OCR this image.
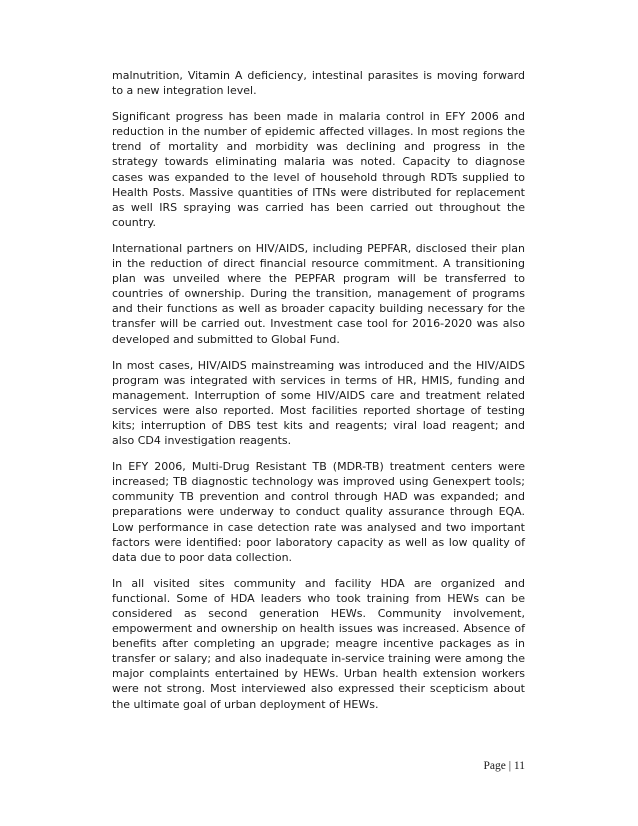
malnutrition, Vitamin A deficiency, intestinal parasites is moving forward to a new integration level.

Significant progress has been made in malaria control in EFY 2006 and reduction in the number of epidemic affected villages. In most regions the trend of mortality and morbidity was declining and progress in the strategy towards eliminating malaria was noted. Capacity to diagnose cases was expanded to the level of household through RDTs supplied to Health Posts. Massive quantities of ITNs were distributed for replacement as well IRS spraying was carried has been carried out throughout the country.

International partners on HIV/AIDS, including PEPFAR, disclosed their plan in the reduction of direct financial resource commitment. A transitioning plan was unveiled where the PEPFAR program will be transferred to countries of ownership. During the transition, management of programs and their functions as well as broader capacity building necessary for the transfer will be carried out. Investment case tool for 2016-2020 was also developed and submitted to Global Fund.

In most cases, HIV/AIDS mainstreaming was introduced and the HIV/AIDS program was integrated with services in terms of HR, HMIS, funding and management. Interruption of some HIV/AIDS care and treatment related services were also reported. Most facilities reported shortage of testing kits; interruption of DBS test kits and reagents; viral load reagent; and also CD4 investigation reagents.

In EFY 2006, Multi-Drug Resistant TB (MDR-TB) treatment centers were increased; TB diagnostic technology was improved using Genexpert tools; community TB prevention and control through HAD was expanded; and preparations were underway to conduct quality assurance through EQA. Low performance in case detection rate was analysed and two important factors were identified: poor laboratory capacity as well as low quality of data due to poor data collection.

In all visited sites community and facility HDA are organized and functional. Some of HDA leaders who took training from HEWs can be considered as second generation HEWs. Community involvement, empowerment and ownership on health issues was increased. Absence of benefits after completing an upgrade; meagre incentive packages as in transfer or salary; and also inadequate in-service training were among the major complaints entertained by HEWs. Urban health extension workers were not strong. Most interviewed also expressed their scepticism about the ultimate goal of urban deployment of HEWs.

Page | 11
